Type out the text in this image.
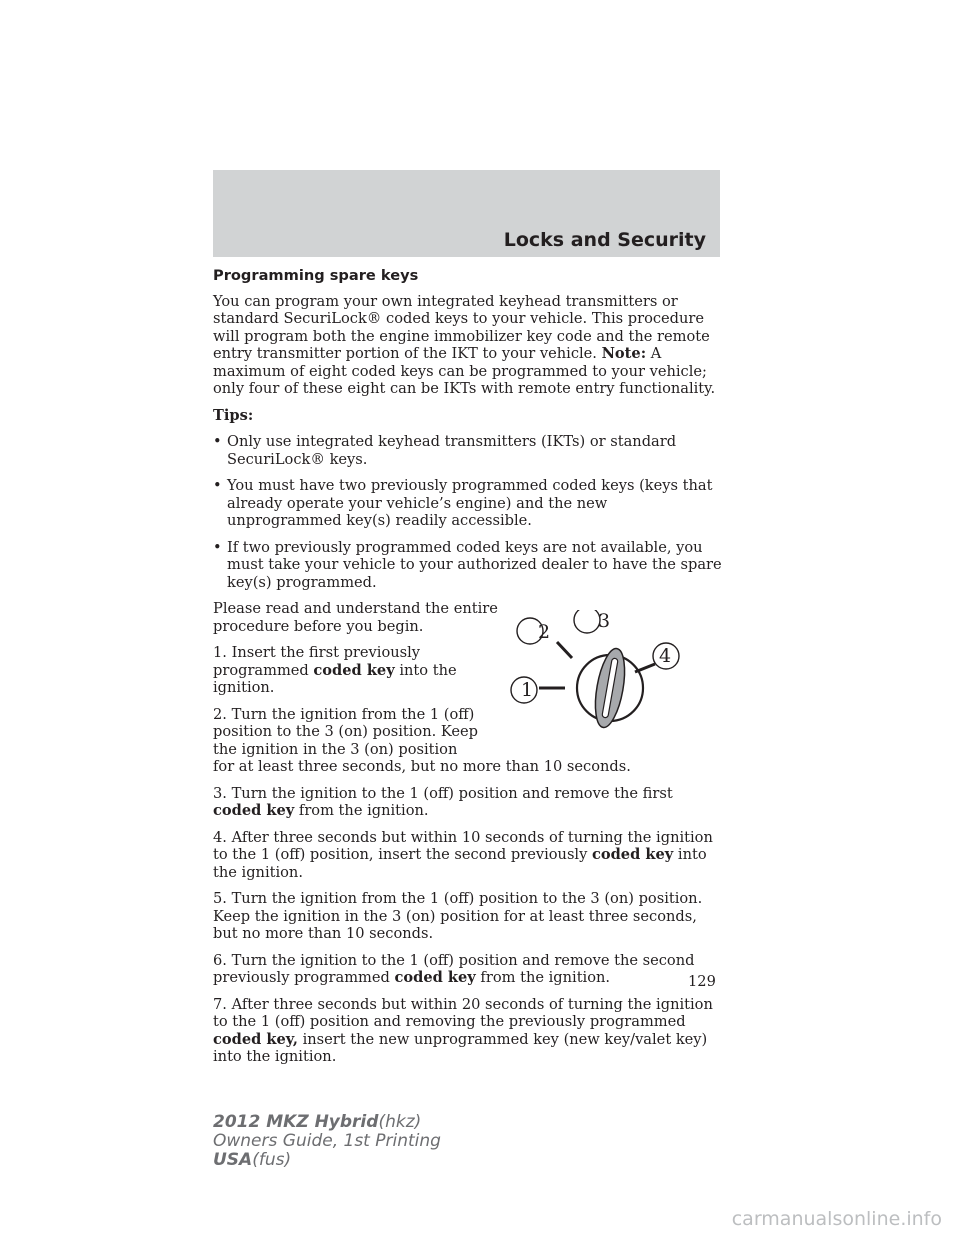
Locks and Security
Programming spare keys

You can program your own integrated keyhead transmitters or standard SecuriLock® coded keys to your vehicle. This procedure will program both the engine immobilizer key code and the remote entry transmitter portion of the IKT to your vehicle. Note: A maximum of eight coded keys can be programmed to your vehicle; only four of these eight can be IKTs with remote entry functionality.

Tips:

• Only use integrated keyhead transmitters (IKTs) or standard SecuriLock® keys.
• You must have two previously programmed coded keys (keys that already operate your vehicle’s engine) and the new unprogrammed key(s) readily accessible.
• If two previously programmed coded keys are not available, you must take your vehicle to your authorized dealer to have the spare key(s) programmed.

Please read and understand the entire procedure before you begin.

1. Insert the first previously programmed coded key into the ignition.

2. Turn the ignition from the 1 (off) position to the 3 (on) position. Keep the ignition in the 3 (on) position

1
2	3
4

for at least three seconds, but no more than 10 seconds.

3. Turn the ignition to the 1 (off) position and remove the first coded key from the ignition.

4. After three seconds but within 10 seconds of turning the ignition to the 1 (off) position, insert the second previously coded key into the ignition.

5. Turn the ignition from the 1 (off) position to the 3 (on) position. Keep the ignition in the 3 (on) position for at least three seconds, but no more than 10 seconds.

6. Turn the ignition to the 1 (off) position and remove the second previously programmed coded key from the ignition.

7. After three seconds but within 20 seconds of turning the ignition to the 1 (off) position and removing the previously programmed coded key, insert the new unprogrammed key (new key/valet key) into the ignition.

129
2012 MKZ Hybrid(hkz)
Owners Guide, 1st Printing
USA(fus)
carmanualsonline.info
